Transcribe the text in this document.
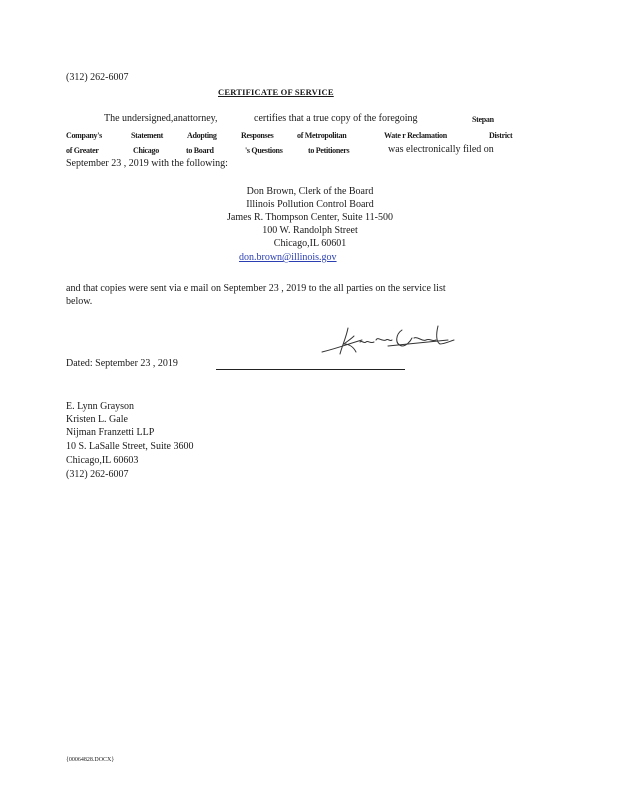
(312) 262-6007
CERTIFICATE OF SERVICE
The undersigned,anattorney,	certifies that a true copy of the foregoing	Stepan
Company's	Statement	Adopting	Responses	of Metropolitan	Wate r Reclamation	District
of Greater	Chicago	to Board	's Questions	to Petitioners	was electronically filed on
September 23 , 2019 with the following:
Don Brown, Clerk of the Board
Illinois Pollution Control Board
James R. Thompson Center, Suite 11-500
100 W. Randolph Street
Chicago,IL 60601
don.brown@illinois.gov
and that copies were sent via e mail on September 23 , 2019 to the all parties on the service list
below.
Dated: September 23 , 2019
E. Lynn Grayson
Kristen L. Gale
Nijman Franzetti LLP
10 S. LaSalle Street, Suite 3600
Chicago,IL 60603
(312) 262-6007
{00064828.DOCX}
